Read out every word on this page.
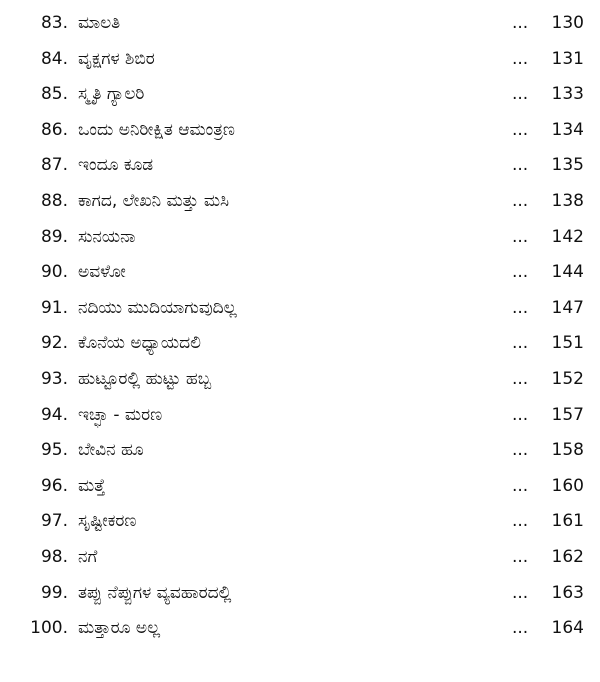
83. ಮಾಲತಿ	... 130
84. ವೃಕ್ಷಗಳ ಶಿಬಿರ	... 131
85. ಸ್ಮೃತಿ ಗ್ಯಾಲರಿ	... 133
86. ಒಂದು ಅನಿರೀಕ್ಷಿತ ಆಮಂತ್ರಣ	... 134
87. ಇಂದೂ ಕೂಡ	... 135
88. ಕಾಗದ, ಲೇಖನಿ ಮತ್ತು ಮಸಿ	... 138
89. ಸುನಯನಾ	... 142
90. ಅವಳೋ	... 144
91. ನದಿಯು ಮುದಿಯಾಗುವುದಿಲ್ಲ	... 147
92. ಕೊನೆಯ ಅಧ್ಯಾಯದಲಿ	... 151
93. ಹುಟ್ಟೂರಲ್ಲಿ ಹುಟ್ಟು ಹಬ್ಬ	... 152
94. ಇಚ್ಛಾ - ಮರಣ	... 157
95. ಬೇವಿನ ಹೂ	... 158
96. ಮತ್ತೆ	... 160
97. ಸೃಷ್ಟೀಕರಣ	... 161
98. ನಗೆ	... 162
99. ತಪ್ಪು ನೆಪ್ಪುಗಳ ವ್ಯವಹಾರದಲ್ಲಿ	... 163
100. ಮತ್ತಾರೂ ಅಲ್ಲ	... 164
